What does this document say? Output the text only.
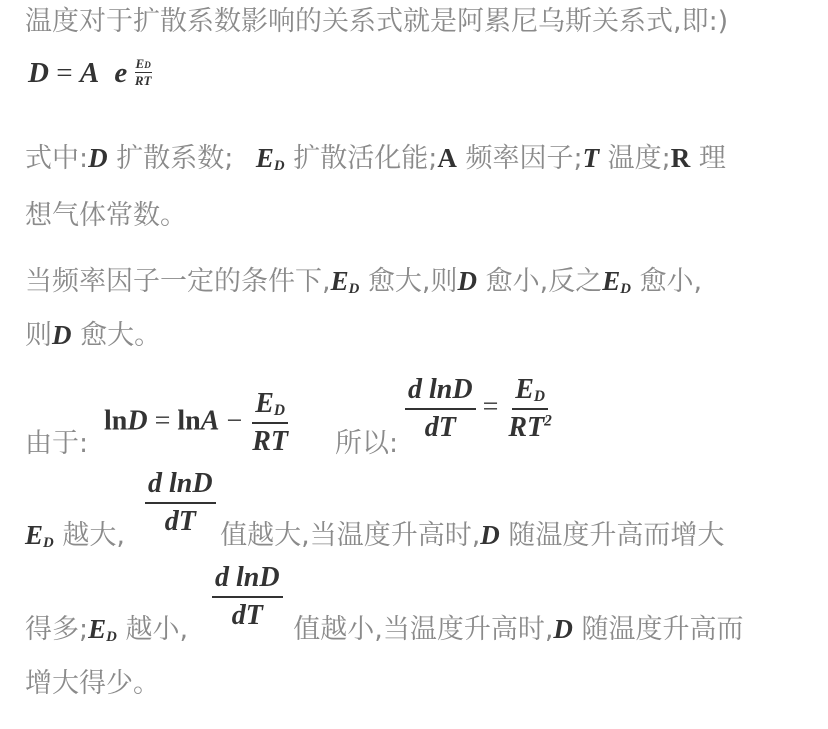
温度对于扩散系数影响的关系式就是阿累尼乌斯关系式,即:)
D = A e $\frac{ED}{RT}$
式中:D 扩散系数; $E_D$ 扩散活化能;A 频率因子;T 温度;R 理
想气体常数。
当频率因子一定的条件下$,E_D$ 愈大,则D 愈小,反之$E_D$ 愈小,
则D 愈大。
$\ln D = \ln A - \frac{E_D}{RT}$
由于:	所以: $\frac{\text{d lnD}}{dT} = \frac{E_D}{RT^2}$
$\frac{\text{d lnD}}{dT}$
$E_D$ 越大,	值越大,当温度升高时,D 随温度升高而增大
$\frac{\text{d lnD}}{dT}$
得多$;E_D$ 越小,	值越小,当温度升高时,D 随温度升高而
增大得少。
